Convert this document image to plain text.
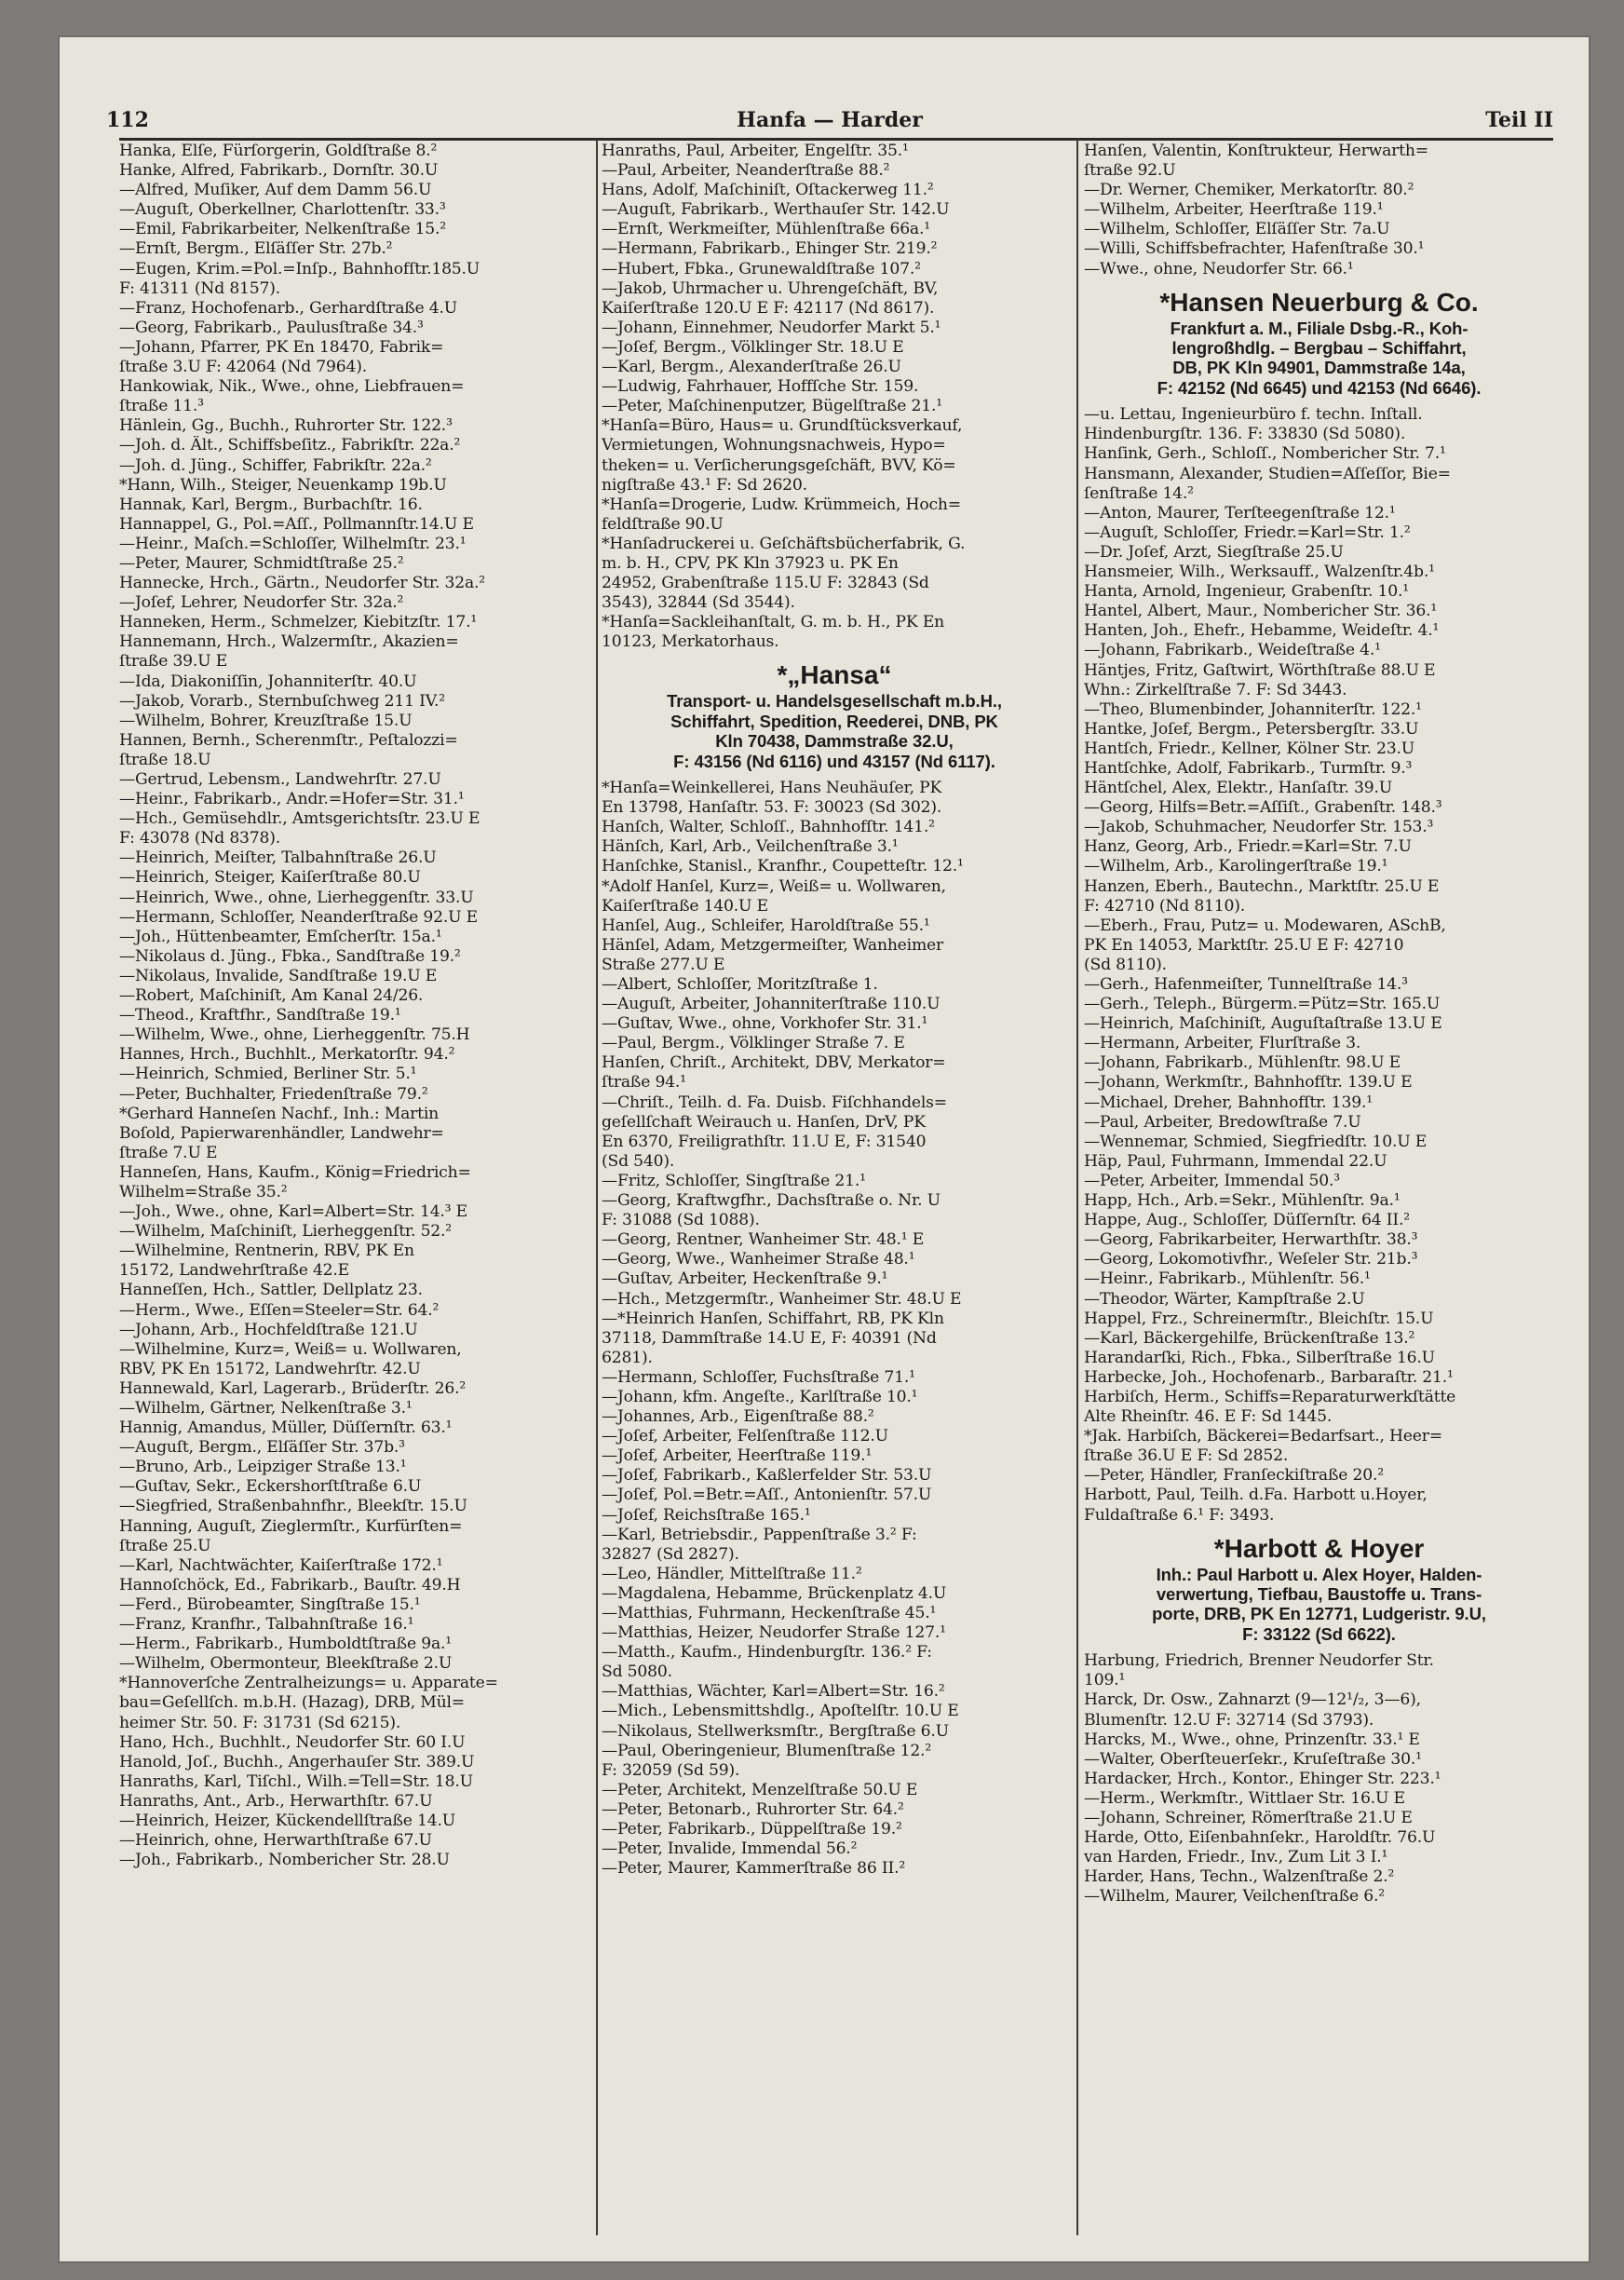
112	Hanfa — Harder	Teil II
Hanka, Elſe, Fürſorgerin, Goldſtraße 8.²
Hanke, Alfred, Fabrikarb., Dornſtr. 30.U
—Alfred, Muſiker, Auf dem Damm 56.U
—Auguſt, Oberkellner, Charlottenſtr. 33.³
—Emil, Fabrikarbeiter, Nelkenſtraße 15.²
—Ernſt, Bergm., Elſäſſer Str. 27b.²
—Eugen, Krim.=Pol.=Inſp., Bahnhofſtr.185.U
F: 41311 (Nd 8157).
—Franz, Hochofenarb., Gerhardſtraße 4.U
—Georg, Fabrikarb., Paulusſtraße 34.³
—Johann, Pfarrer, PK En 18470, Fabrik=
ſtraße 3.U F: 42064 (Nd 7964).
Hankowiak, Nik., Wwe., ohne, Liebfrauen=
ſtraße 11.³
Hänlein, Gg., Buchh., Ruhrorter Str. 122.³
—Joh. d. Ält., Schiffsbeſitz., Fabrikſtr. 22a.²
—Joh. d. Jüng., Schiffer, Fabrikſtr. 22a.²
*Hann, Wilh., Steiger, Neuenkamp 19b.U
Hannak, Karl, Bergm., Burbachſtr. 16.
Hannappel, G., Pol.=Aſſ., Pollmannſtr.14.U E
—Heinr., Maſch.=Schloſſer, Wilhelmſtr. 23.¹
—Peter, Maurer, Schmidtſtraße 25.²
Hannecke, Hrch., Gärtn., Neudorfer Str. 32a.²
—Joſef, Lehrer, Neudorfer Str. 32a.²
Hanneken, Herm., Schmelzer, Kiebitzſtr. 17.¹
Hannemann, Hrch., Walzermſtr., Akazien=
ſtraße 39.U E
—Ida, Diakoniſſin, Johanniterſtr. 40.U
—Jakob, Vorarb., Sternbuſchweg 211 IV.²
—Wilhelm, Bohrer, Kreuzſtraße 15.U
Hannen, Bernh., Scherenmſtr., Peſtalozzi=
ſtraße 18.U
—Gertrud, Lebensm., Landwehrſtr. 27.U
—Heinr., Fabrikarb., Andr.=Hofer=Str. 31.¹
—Hch., Gemüsehdlr., Amtsgerichtsſtr. 23.U E
F: 43078 (Nd 8378).
—Heinrich, Meiſter, Talbahnſtraße 26.U
—Heinrich, Steiger, Kaiſerſtraße 80.U
—Heinrich, Wwe., ohne, Lierheggenſtr. 33.U
—Hermann, Schloſſer, Neanderſtraße 92.U E
—Joh., Hüttenbeamter, Emſcherſtr. 15a.¹
—Nikolaus d. Jüng., Fbka., Sandſtraße 19.²
—Nikolaus, Invalide, Sandſtraße 19.U E
—Robert, Maſchiniſt, Am Kanal 24/26.
—Theod., Kraftfhr., Sandſtraße 19.¹
—Wilhelm, Wwe., ohne, Lierheggenſtr. 75.H
Hannes, Hrch., Buchhlt., Merkatorſtr. 94.²
—Heinrich, Schmied, Berliner Str. 5.¹
—Peter, Buchhalter, Friedenſtraße 79.²
*Gerhard Hanneſen Nachf., Inh.: Martin
Boſold, Papierwarenhändler, Landwehr=
ſtraße 7.U E
Hanneſen, Hans, Kaufm., König=Friedrich=
Wilhelm=Straße 35.²
—Joh., Wwe., ohne, Karl=Albert=Str. 14.³ E
—Wilhelm, Maſchiniſt, Lierheggenſtr. 52.²
—Wilhelmine, Rentnerin, RBV, PK En
15172, Landwehrſtraße 42.E
Hanneſſen, Hch., Sattler, Dellplatz 23.
—Herm., Wwe., Eſſen=Steeler=Str. 64.²
—Johann, Arb., Hochfeldſtraße 121.U
—Wilhelmine, Kurz=, Weiß= u. Wollwaren,
RBV, PK En 15172, Landwehrſtr. 42.U
Hannewald, Karl, Lagerarb., Brüderſtr. 26.²
—Wilhelm, Gärtner, Nelkenſtraße 3.¹
Hannig, Amandus, Müller, Düſſernſtr. 63.¹
—Auguſt, Bergm., Elſäſſer Str. 37b.³
—Bruno, Arb., Leipziger Straße 13.¹
—Guſtav, Sekr., Eckershorſtſtraße 6.U
—Siegfried, Straßenbahnfhr., Bleekſtr. 15.U
Hanning, Auguſt, Zieglermſtr., Kurfürſten=
ſtraße 25.U
—Karl, Nachtwächter, Kaiſerſtraße 172.¹
Hannoſchöck, Ed., Fabrikarb., Bauſtr. 49.H
—Ferd., Bürobeamter, Singſtraße 15.¹
—Franz, Kranfhr., Talbahnſtraße 16.¹
—Herm., Fabrikarb., Humboldtſtraße 9a.¹
—Wilhelm, Obermonteur, Bleekſtraße 2.U
*Hannoverſche Zentralheizungs= u. Apparate=
bau=Geſellſch. m.b.H. (Hazag), DRB, Mül=
heimer Str. 50. F: 31731 (Sd 6215).
Hano, Hch., Buchhlt., Neudorfer Str. 60 I.U
Hanold, Joſ., Buchh., Angerhauſer Str. 389.U
Hanraths, Karl, Tiſchl., Wilh.=Tell=Str. 18.U
Hanraths, Ant., Arb., Herwarthſtr. 67.U
—Heinrich, Heizer, Kückendellſtraße 14.U
—Heinrich, ohne, Herwarthſtraße 67.U
—Joh., Fabrikarb., Nombericher Str. 28.U
Hanraths, Paul, Arbeiter, Engelſtr. 35.¹
—Paul, Arbeiter, Neanderſtraße 88.²
Hans, Adolf, Maſchiniſt, Oſtackerweg 11.²
—Auguſt, Fabrikarb., Werthauſer Str. 142.U
—Ernſt, Werkmeiſter, Mühlenſtraße 66a.¹
—Hermann, Fabrikarb., Ehinger Str. 219.²
—Hubert, Fbka., Grunewaldſtraße 107.²
—Jakob, Uhrmacher u. Uhrengeſchäft, BV,
Kaiſerſtraße 120.U E F: 42117 (Nd 8617).
—Johann, Einnehmer, Neudorfer Markt 5.¹
—Joſef, Bergm., Völklinger Str. 18.U E
—Karl, Bergm., Alexanderſtraße 26.U
—Ludwig, Fahrhauer, Hoffſche Str. 159.
—Peter, Maſchinenputzer, Bügelſtraße 21.¹
*Hanſa=Büro, Haus= u. Grundſtücksverkauf,
Vermietungen, Wohnungsnachweis, Hypo=
theken= u. Verſicherungsgeſchäft, BVV, Kö=
nigſtraße 43.¹ F: Sd 2620.
*Hanſa=Drogerie, Ludw. Krümmeich, Hoch=
feldſtraße 90.U
*Hanſadruckerei u. Geſchäftsbücherfabrik, G.
m. b. H., CPV, PK Kln 37923 u. PK En
24952, Grabenſtraße 115.U F: 32843 (Sd
3543), 32844 (Sd 3544).
*Hanſa=Sackleihanſtalt, G. m. b. H., PK En
10123, Merkatorhaus.
*„Hansa“
Transport- u. Handelsgesellschaft m.b.H.,
Schiffahrt, Spedition, Reederei, DNB, PK
Kln 70438, Dammstraße 32.U,
F: 43156 (Nd 6116) und 43157 (Nd 6117).
*Hanſa=Weinkellerei, Hans Neuhäuſer, PK
En 13798, Hanſaſtr. 53. F: 30023 (Sd 302).
Hanſch, Walter, Schloſſ., Bahnhofſtr. 141.²
Hänſch, Karl, Arb., Veilchenſtraße 3.¹
Hanſchke, Stanisl., Kranfhr., Coupetteſtr. 12.¹
*Adolf Hanſel, Kurz=, Weiß= u. Wollwaren,
Kaiſerſtraße 140.U E
Hanſel, Aug., Schleifer, Haroldſtraße 55.¹
Hänſel, Adam, Metzgermeiſter, Wanheimer
Straße 277.U E
—Albert, Schloſſer, Moritzſtraße 1.
—Auguſt, Arbeiter, Johanniterſtraße 110.U
—Guſtav, Wwe., ohne, Vorkhofer Str. 31.¹
—Paul, Bergm., Völklinger Straße 7. E
Hanſen, Chriſt., Architekt, DBV, Merkator=
ſtraße 94.¹
—Chriſt., Teilh. d. Fa. Duisb. Fiſchhandels=
geſellſchaft Weirauch u. Hanſen, DrV, PK
En 6370, Freiligrathſtr. 11.U E, F: 31540
(Sd 540).
—Fritz, Schloſſer, Singſtraße 21.¹
—Georg, Kraftwgfhr., Dachsſtraße o. Nr. U
F: 31088 (Sd 1088).
—Georg, Rentner, Wanheimer Str. 48.¹ E
—Georg, Wwe., Wanheimer Straße 48.¹
—Guſtav, Arbeiter, Heckenſtraße 9.¹
—Hch., Metzgermſtr., Wanheimer Str. 48.U E
—*Heinrich Hanſen, Schiffahrt, RB, PK Kln
37118, Dammſtraße 14.U E, F: 40391 (Nd
6281).
—Hermann, Schloſſer, Fuchsſtraße 71.¹
—Johann, kfm. Angeſte., Karlſtraße 10.¹
—Johannes, Arb., Eigenſtraße 88.²
—Joſef, Arbeiter, Felſenſtraße 112.U
—Joſef, Arbeiter, Heerſtraße 119.¹
—Joſef, Fabrikarb., Kaßlerfelder Str. 53.U
—Joſef, Pol.=Betr.=Aſſ., Antonienſtr. 57.U
—Joſef, Reichsſtraße 165.¹
—Karl, Betriebsdir., Pappenſtraße 3.² F:
32827 (Sd 2827).
—Leo, Händler, Mittelſtraße 11.²
—Magdalena, Hebamme, Brückenplatz 4.U
—Matthias, Fuhrmann, Heckenſtraße 45.¹
—Matthias, Heizer, Neudorfer Straße 127.¹
—Matth., Kaufm., Hindenburgſtr. 136.² F:
Sd 5080.
—Matthias, Wächter, Karl=Albert=Str. 16.²
—Mich., Lebensmittshdlg., Apoſtelſtr. 10.U E
—Nikolaus, Stellwerksmſtr., Bergſtraße 6.U
—Paul, Oberingenieur, Blumenſtraße 12.²
F: 32059 (Sd 59).
—Peter, Architekt, Menzelſtraße 50.U E
—Peter, Betonarb., Ruhrorter Str. 64.²
—Peter, Fabrikarb., Düppelſtraße 19.²
—Peter, Invalide, Immendal 56.²
—Peter, Maurer, Kammerſtraße 86 II.²
Hanſen, Valentin, Konſtrukteur, Herwarth=
ſtraße 92.U
—Dr. Werner, Chemiker, Merkatorſtr. 80.²
—Wilhelm, Arbeiter, Heerſtraße 119.¹
—Wilhelm, Schloſſer, Elſäſſer Str. 7a.U
—Willi, Schiffsbefrachter, Hafenſtraße 30.¹
—Wwe., ohne, Neudorfer Str. 66.¹
*Hansen Neuerburg & Co.
Frankfurt a. M., Filiale Dsbg.-R., Koh-
lengroßhdlg. – Bergbau – Schiffahrt,
DB, PK Kln 94901, Dammstraße 14a,
F: 42152 (Nd 6645) und 42153 (Nd 6646).
—u. Lettau, Ingenieurbüro f. techn. Inſtall.
Hindenburgſtr. 136. F: 33830 (Sd 5080).
Hanſink, Gerh., Schloſſ., Nombericher Str. 7.¹
Hansmann, Alexander, Studien=Aſſeſſor, Bie=
ſenſtraße 14.²
—Anton, Maurer, Terſteegenſtraße 12.¹
—Auguſt, Schloſſer, Friedr.=Karl=Str. 1.²
—Dr. Joſef, Arzt, Siegſtraße 25.U
Hansmeier, Wilh., Werksauff., Walzenſtr.4b.¹
Hanta, Arnold, Ingenieur, Grabenſtr. 10.¹
Hantel, Albert, Maur., Nombericher Str. 36.¹
Hanten, Joh., Ehefr., Hebamme, Weideſtr. 4.¹
—Johann, Fabrikarb., Weideſtraße 4.¹
Häntjes, Fritz, Gaſtwirt, Wörthſtraße 88.U E
Whn.: Zirkelſtraße 7. F: Sd 3443.
—Theo, Blumenbinder, Johanniterſtr. 122.¹
Hantke, Joſef, Bergm., Petersbergſtr. 33.U
Hantſch, Friedr., Kellner, Kölner Str. 23.U
Hantſchke, Adolf, Fabrikarb., Turmſtr. 9.³
Häntſchel, Alex, Elektr., Hanſaſtr. 39.U
—Georg, Hilfs=Betr.=Aſſiſt., Grabenſtr. 148.³
—Jakob, Schuhmacher, Neudorfer Str. 153.³
Hanz, Georg, Arb., Friedr.=Karl=Str. 7.U
—Wilhelm, Arb., Karolingerſtraße 19.¹
Hanzen, Eberh., Bautechn., Marktſtr. 25.U E
F: 42710 (Nd 8110).
—Eberh., Frau, Putz= u. Modewaren, ASchB,
PK En 14053, Marktſtr. 25.U E F: 42710
(Sd 8110).
—Gerh., Hafenmeiſter, Tunnelſtraße 14.³
—Gerh., Teleph., Bürgerm.=Pütz=Str. 165.U
—Heinrich, Maſchiniſt, Auguſtaſtraße 13.U E
—Hermann, Arbeiter, Flurſtraße 3.
—Johann, Fabrikarb., Mühlenſtr. 98.U E
—Johann, Werkmſtr., Bahnhofſtr. 139.U E
—Michael, Dreher, Bahnhofſtr. 139.¹
—Paul, Arbeiter, Bredowſtraße 7.U
—Wennemar, Schmied, Siegfriedſtr. 10.U E
Häp, Paul, Fuhrmann, Immendal 22.U
—Peter, Arbeiter, Immendal 50.³
Happ, Hch., Arb.=Sekr., Mühlenſtr. 9a.¹
Happe, Aug., Schloſſer, Düſſernſtr. 64 II.²
—Georg, Fabrikarbeiter, Herwarthſtr. 38.³
—Georg, Lokomotivfhr., Weſeler Str. 21b.³
—Heinr., Fabrikarb., Mühlenſtr. 56.¹
—Theodor, Wärter, Kampſtraße 2.U
Happel, Frz., Schreinermſtr., Bleichſtr. 15.U
—Karl, Bäckergehilfe, Brückenſtraße 13.²
Harandarſki, Rich., Fbka., Silberſtraße 16.U
Harbecke, Joh., Hochofenarb., Barbaraſtr. 21.¹
Harbiſch, Herm., Schiffs=Reparaturwerkſtätte
Alte Rheinſtr. 46. E F: Sd 1445.
*Jak. Harbiſch, Bäckerei=Bedarfsart., Heer=
ſtraße 36.U E F: Sd 2852.
—Peter, Händler, Franſeckiſtraße 20.²
Harbott, Paul, Teilh. d.Fa. Harbott u.Hoyer,
Fuldaſtraße 6.¹ F: 3493.
*Harbott & Hoyer
Inh.: Paul Harbott u. Alex Hoyer, Halden-
verwertung, Tiefbau, Baustoffe u. Trans-
porte, DRB, PK En 12771, Ludgeristr. 9.U,
F: 33122 (Sd 6622).
Harbung, Friedrich, Brenner Neudorfer Str.
109.¹
Harck, Dr. Osw., Zahnarzt (9—12¹/₂, 3—6),
Blumenſtr. 12.U F: 32714 (Sd 3793).
Harcks, M., Wwe., ohne, Prinzenſtr. 33.¹ E
—Walter, Oberſteuerſekr., Kruſeſtraße 30.¹
Hardacker, Hrch., Kontor., Ehinger Str. 223.¹
—Herm., Werkmſtr., Wittlaer Str. 16.U E
—Johann, Schreiner, Römerſtraße 21.U E
Harde, Otto, Eiſenbahnſekr., Haroldſtr. 76.U
van Harden, Friedr., Inv., Zum Lit 3 I.¹
Harder, Hans, Techn., Walzenſtraße 2.²
—Wilhelm, Maurer, Veilchenſtraße 6.²
